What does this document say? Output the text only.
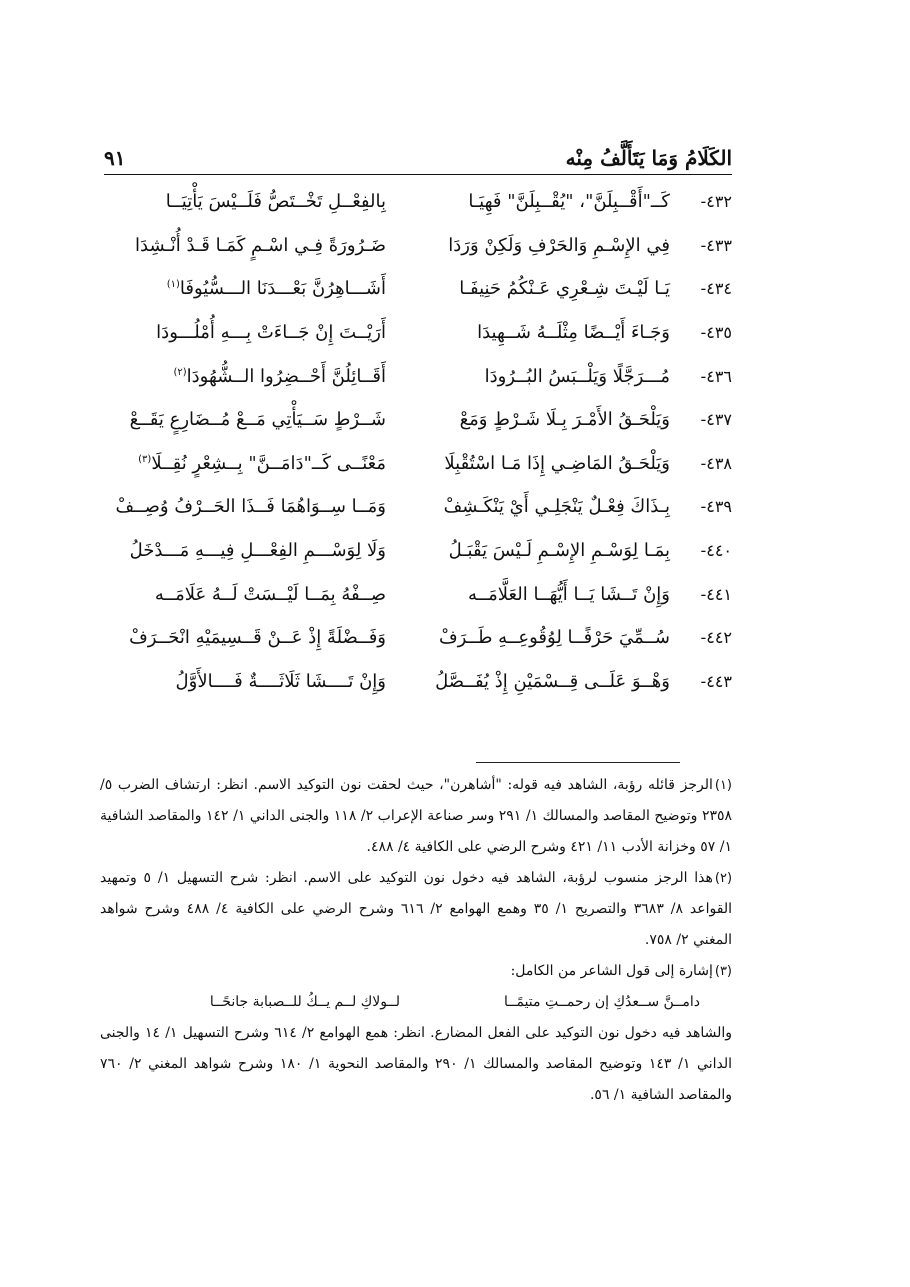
الكَلَامُ وَمَا يَتَأَلَّفُ مِنْه
٩١
٤٣٢-
كَــ"أَقْــبِلَنَّ"، "يُقْــبِلَنَّ" فَهِيَـا
بِالفِعْــلِ تَخْــتَصُّ فَلَــيْسَ يَأْتِيَــا
٤٣٣-
فِي الإِسْـمِ وَالحَرْفِ وَلَكِنْ وَرَدَا
ضَـرُورَةً فِـي اسْـمٍ كَمَـا قَـدْ أُنْـشِدَا
٤٣٤-
يَـا لَيْـتَ شِـعْرِي عَـنْكُمُ حَنِيفَـا
أَشَـــاهِرُنَّ بَعْـــدَنَا الـــسُّيُوفَا$^{(١)}$
٤٣٥-
وَجَـاءَ أَيْــضًا مِثْلَــهُ شَــهِيدَا
أَرَيْــتَ إِنْ جَــاءَتْ بِـــهِ أُمْلُـــودَا
٤٣٦-
مُـــرَجَّلًا وَيَلْــبَسُ البُــرُودَا
أَقَــائِلُنَّ أَحْــضِرُوا الــشُّهُودَا$^{(٢)}$
٤٣٧-
وَيَلْحَـقُ الأَمْـرَ بِـلَا شَـرْطٍ وَمَعْ
شَــرْطٍ سَــيَأْتِي مَــعْ مُــضَارِعٍ يَقَــعْ
٤٣٨-
وَيَلْحَـقُ المَاضِـي إِذَا مَـا اسْتُقْبِلَا
مَعْنًــى كَــ"دَامَــنَّ" بِــشِعْرٍ نُقِــلَا$^{(٣)}$
٤٣٩-
بِـذَاكَ فِعْـلٌ يَنْجَلِـي أَيْ يَنْكَـشِفْ
وَمَــا سِــوَاهُمَا فَــذَا الحَــرْفُ وُصِــفْ
٤٤٠-
بِمَـا لِوَسْـمِ الإِسْـمِ لَـيْسَ يَقْبَـلُ
وَلَا لِوَسْـــمِ الفِعْـــلِ فِيـــهِ مَـــدْخَلُ
٤٤١-
وَإِنْ تَــشَا يَــا أَيُّهَــا العَلَّامَــه
صِــفْهُ بِمَــا لَيْــسَتْ لَــهُ عَلَامَــه
٤٤٢-
سُــمِّيَ حَرْفًــا لِوُقُوعِــهِ طَــرَفْ
وَفَــضْلَةً إِذْ عَــنْ قَــسِيمَيْهِ انْحَــرَفْ
٤٤٣-
وَهْــوَ عَلَــى قِــسْمَيْنِ إِذْ يُفَــصَّلُ
وَإِنْ تَــــشَا ثَلَاثَــــةٌ فَــــالأَوَّلُ
(١)الرجز قائله رؤبة، الشاهد فيه قوله: "أشاهرن"، حيث لحقت نون التوكيد الاسم. انظر: ارتشاف الضرب ٥/ ٢٣٥٨ وتوضيح المقاصد والمسالك ١/ ٢٩١ وسر صناعة الإعراب ٢/ ١١٨ والجنى الداني ١/ ١٤٢ والمقاصد الشافية ١/ ٥٧ وخزانة الأدب ١١/ ٤٢١ وشرح الرضي على الكافية ٤/ ٤٨٨.
(٢)هذا الرجز منسوب لرؤبة، الشاهد فيه دخول نون التوكيد على الاسم. انظر: شرح التسهيل ١/ ٥ وتمهيد القواعد ٨/ ٣٦٨٣ والتصريح ١/ ٣٥ وهمع الهوامع ٢/ ٦١٦ وشرح الرضي على الكافية ٤/ ٤٨٨ وشرح شواهد المغني ٢/ ٧٥٨.
(٣)إشارة إلى قول الشاعر من الكامل:
دامــنَّ ســعدُكِ إن رحمــتِ متيمًــا
لــولاكِ لــم يــكُ للــصبابة جانحًــا
والشاهد فيه دخول نون التوكيد على الفعل المضارع. انظر: همع الهوامع ٢/ ٦١٤ وشرح التسهيل ١/ ١٤ والجنى الداني ١/ ١٤٣ وتوضيح المقاصد والمسالك ١/ ٢٩٠ والمقاصد النحوية ١/ ١٨٠ وشرح شواهد المغني ٢/ ٧٦٠ والمقاصد الشافية ١/ ٥٦.
